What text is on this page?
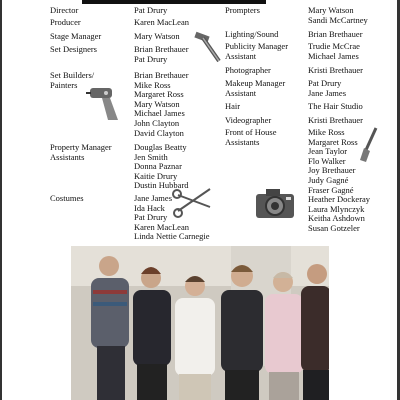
Director
Producer
Stage Manager
Set Designers
Set Builders/ Painters
Property Manager Assistants
Costumes
Pat Drury
Karen MacLean
Mary Watson
Brian Brethauer
Pat Drury
Brian Brethauer
Mike Ross
Margaret Ross
Mary Watson
Michael James
John Clayton
David Clayton
Douglas Beatty
Jen Smith
Donna Paznar
Kaitie Drury
Dustin Hubbard
Jane James
Ida Hack
Pat Drury
Karen MacLean
Linda Nettie Carnegie
Prompters
Lighting/Sound
Publicity Manager Assistant
Photographer
Makeup Manager Assistant
Hair
Videographer
Front of House Assistants
Mary Watson
Sandi McCartney
Brian Brethauer
Trudie McCrae
Michael James
Kristi Brethauer
Pat Drury
Jane James
The Hair Studio
Kristi Brethauer
Mike Ross
Margaret Ross
Jean Taylor
Flo Walker
Joy Brethauer
Judy Gagné
Fraser Gagné
Heather Dockeray
Laura Mlynczyk
Keitha Ashdown
Susan Gotzeler
